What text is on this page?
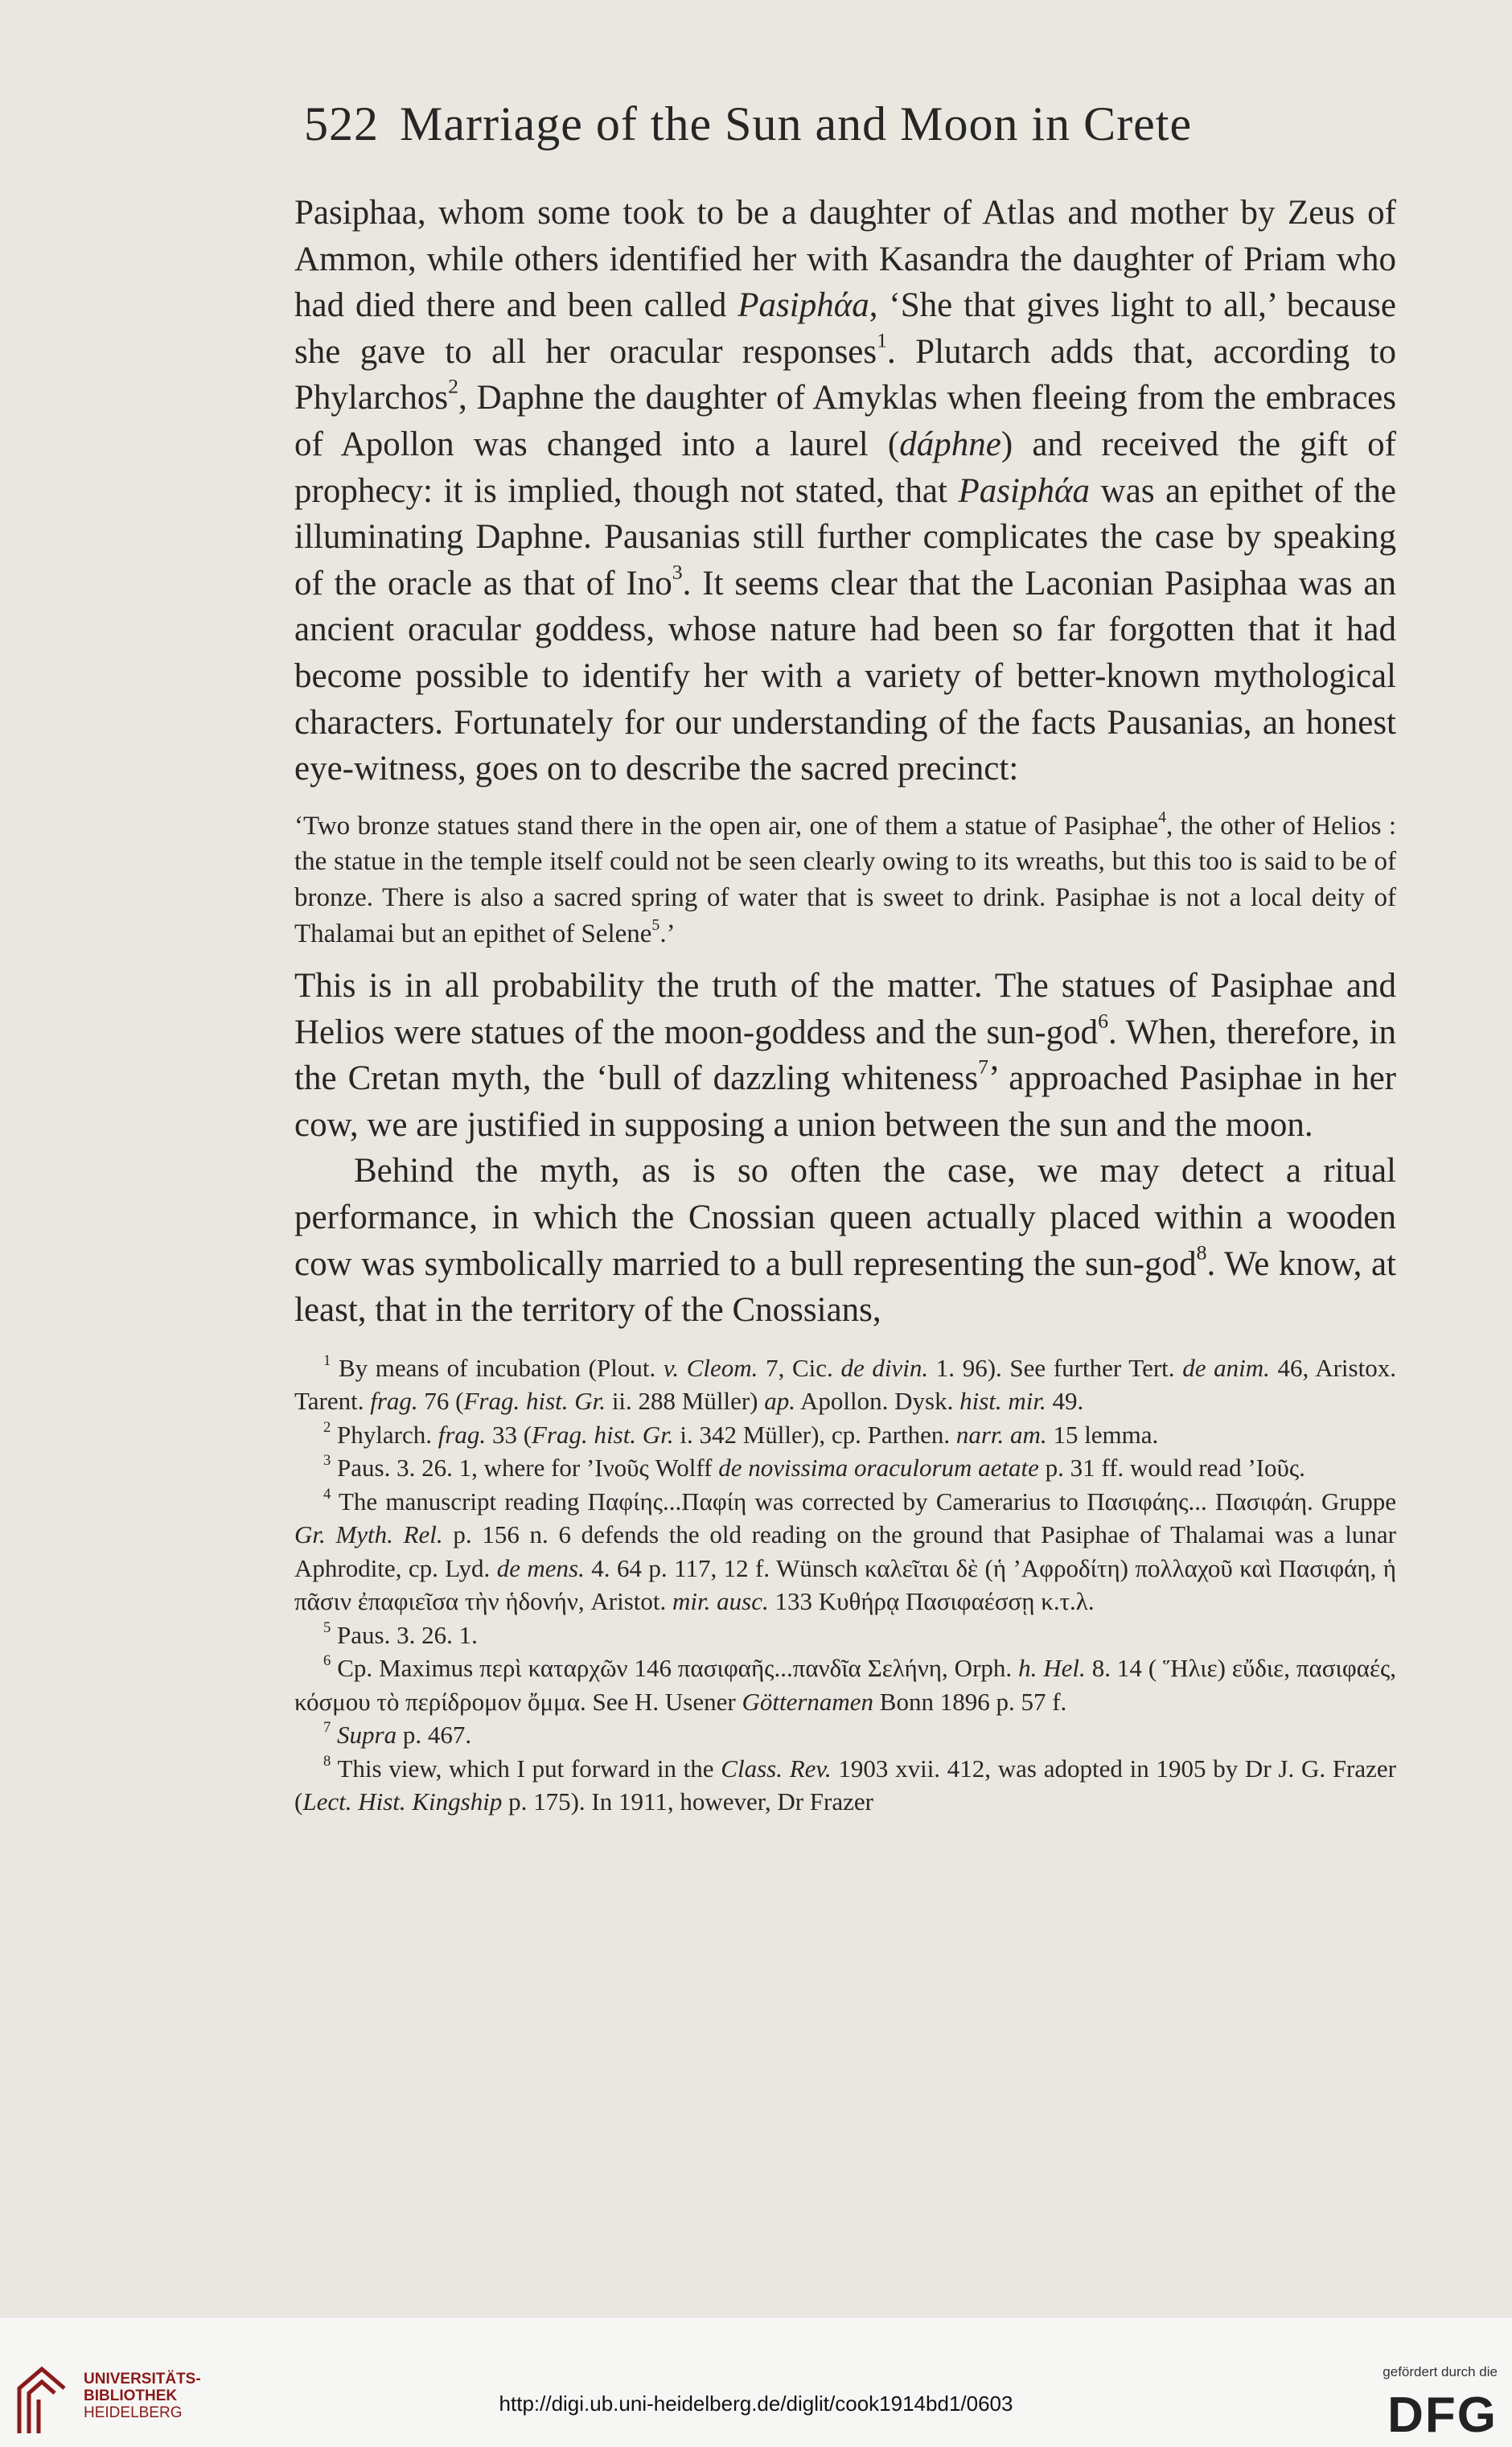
522 Marriage of the Sun and Moon in Crete

Pasiphaa, whom some took to be a daughter of Atlas and mother by Zeus of Ammon, while others identified her with Kasandra the daughter of Priam who had died there and been called Pasiphάa, ‘She that gives light to all,’ because she gave to all her oracular responses$^1$. Plutarch adds that, according to Phylarchos$^2$, Daphne the daughter of Amyklas when fleeing from the embraces of Apollon was changed into a laurel (dáphne) and received the gift of prophecy: it is implied, though not stated, that Pasiphάa was an epithet of the illuminating Daphne. Pausanias still further complicates the case by speaking of the oracle as that of Ino$^3$. It seems clear that the Laconian Pasiphaa was an ancient oracular goddess, whose nature had been so far forgotten that it had become possible to identify her with a variety of better-known mythological characters. Fortunately for our understanding of the facts Pausanias, an honest eye-witness, goes on to describe the sacred precinct:

‘Two bronze statues stand there in the open air, one of them a statue of Pasiphae$^4$, the other of Helios : the statue in the temple itself could not be seen clearly owing to its wreaths, but this too is said to be of bronze. There is also a sacred spring of water that is sweet to drink. Pasiphae is not a local deity of Thalamai but an epithet of Selene$^5$.’

This is in all probability the truth of the matter. The statues of Pasiphae and Helios were statues of the moon-goddess and the sun-god$^6$. When, therefore, in the Cretan myth, the ‘bull of dazzling whiteness$^7$’ approached Pasiphae in her cow, we are justified in supposing a union between the sun and the moon.

Behind the myth, as is so often the case, we may detect a ritual performance, in which the Cnossian queen actually placed within a wooden cow was symbolically married to a bull representing the sun-god$^8$. We know, at least, that in the territory of the Cnossians,

$^1$ By means of incubation (Plout. v. Cleom. 7, Cic. de divin. 1. 96). See further Tert. de anim. 46, Aristox. Tarent. frag. 76 (Frag. hist. Gr. ii. 288 Müller) ap. Apollon. Dysk. hist. mir. 49.

$^2$ Phylarch. frag. 33 (Frag. hist. Gr. i. 342 Müller), cp. Parthen. narr. am. 15 lemma.

$^3$ Paus. 3. 26. 1, where for ’Ινοῦς Wolff de novissima oraculorum aetate p. 31 ff. would read ’Ιοῦς.

$^4$ The manuscript reading Παφίης...Παφίη was corrected by Camerarius to Πασιφάης... Πασιφάη. Gruppe Gr. Myth. Rel. p. 156 n. 6 defends the old reading on the ground that Pasiphae of Thalamai was a lunar Aphrodite, cp. Lyd. de mens. 4. 64 p. 117, 12 f. Wünsch καλεῖται δὲ (ἡ ’Αφροδίτη) πολλαχοῦ καὶ Πασιφάη, ἡ πᾶσιν ἐπαφιεῖσα τὴν ἡδονήν, Aristot. mir. ausc. 133 Κυθήρᾳ Πασιφαέσσῃ κ.τ.λ.

$^5$ Paus. 3. 26. 1.

$^6$ Cp. Maximus περὶ καταρχῶν 146 πασιφαῆς...πανδῖα Σελήνη, Orph. h. Hel. 8. 14 ( Ἥλιε) εὔδιε, πασιφαές, κόσμου τὸ περίδρομον ὄμμα. See H. Usener Götternamen Bonn 1896 p. 57 f.

$^7$ Supra p. 467.

$^8$ This view, which I put forward in the Class. Rev. 1903 xvii. 412, was adopted in 1905 by Dr J. G. Frazer (Lect. Hist. Kingship p. 175). In 1911, however, Dr Frazer

UNIVERSITÄTS-
BIBLIOTHEK
HEIDELBERG	http://digi.ub.uni-heidelberg.de/diglit/cook1914bd1/0603
gefördert durch die
DFG
